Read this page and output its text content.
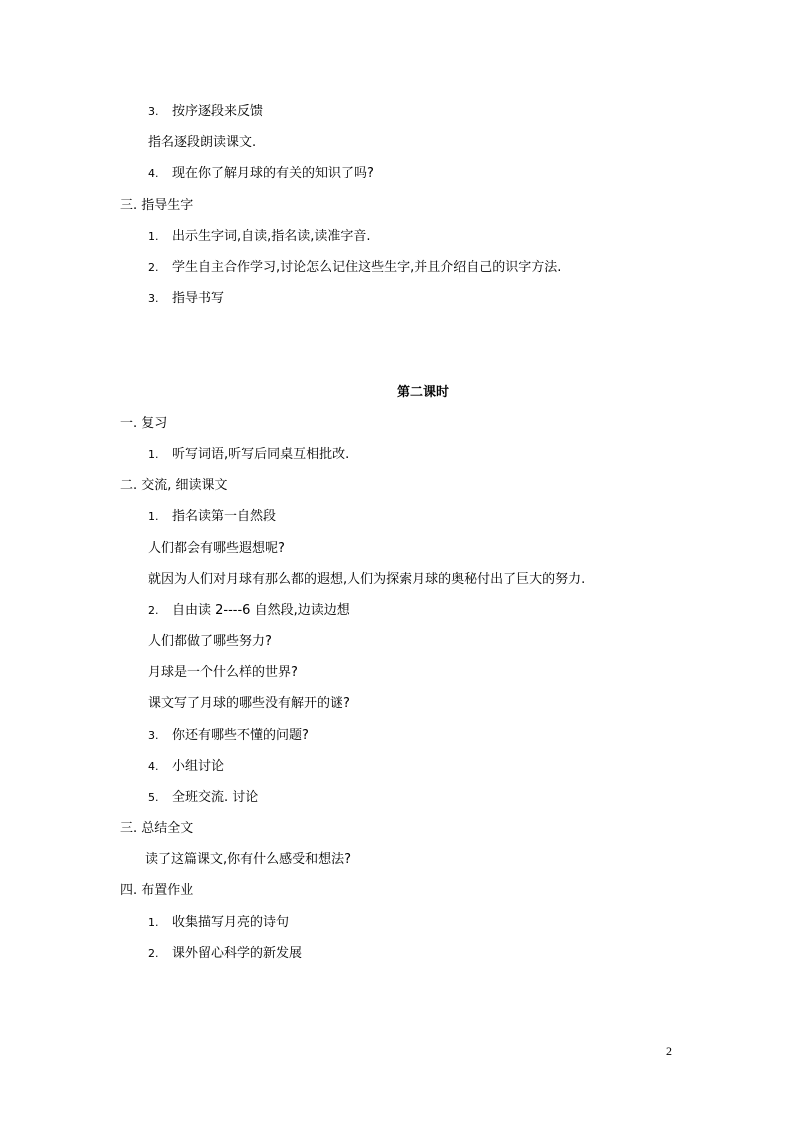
3. 按序逐段来反馈
指名逐段朗读课文.
4. 现在你了解月球的有关的知识了吗?
三. 指导生字
1. 出示生字词,自读,指名读,读准字音.
2. 学生自主合作学习,讨论怎么记住这些生字,并且介绍自己的识字方法.
3. 指导书写
第二课时
一. 复习
1. 听写词语,听写后同桌互相批改.
二. 交流, 细读课文
1. 指名读第一自然段
人们都会有哪些遐想呢?
就因为人们对月球有那么都的遐想,人们为探索月球的奥秘付出了巨大的努力.
2. 自由读 2----6 自然段,边读边想
人们都做了哪些努力?
月球是一个什么样的世界?
课文写了月球的哪些没有解开的谜?
3. 你还有哪些不懂的问题?
4. 小组讨论
5. 全班交流. 讨论
三. 总结全文
读了这篇课文,你有什么感受和想法?
四. 布置作业
1. 收集描写月亮的诗句
2. 课外留心科学的新发展
2
